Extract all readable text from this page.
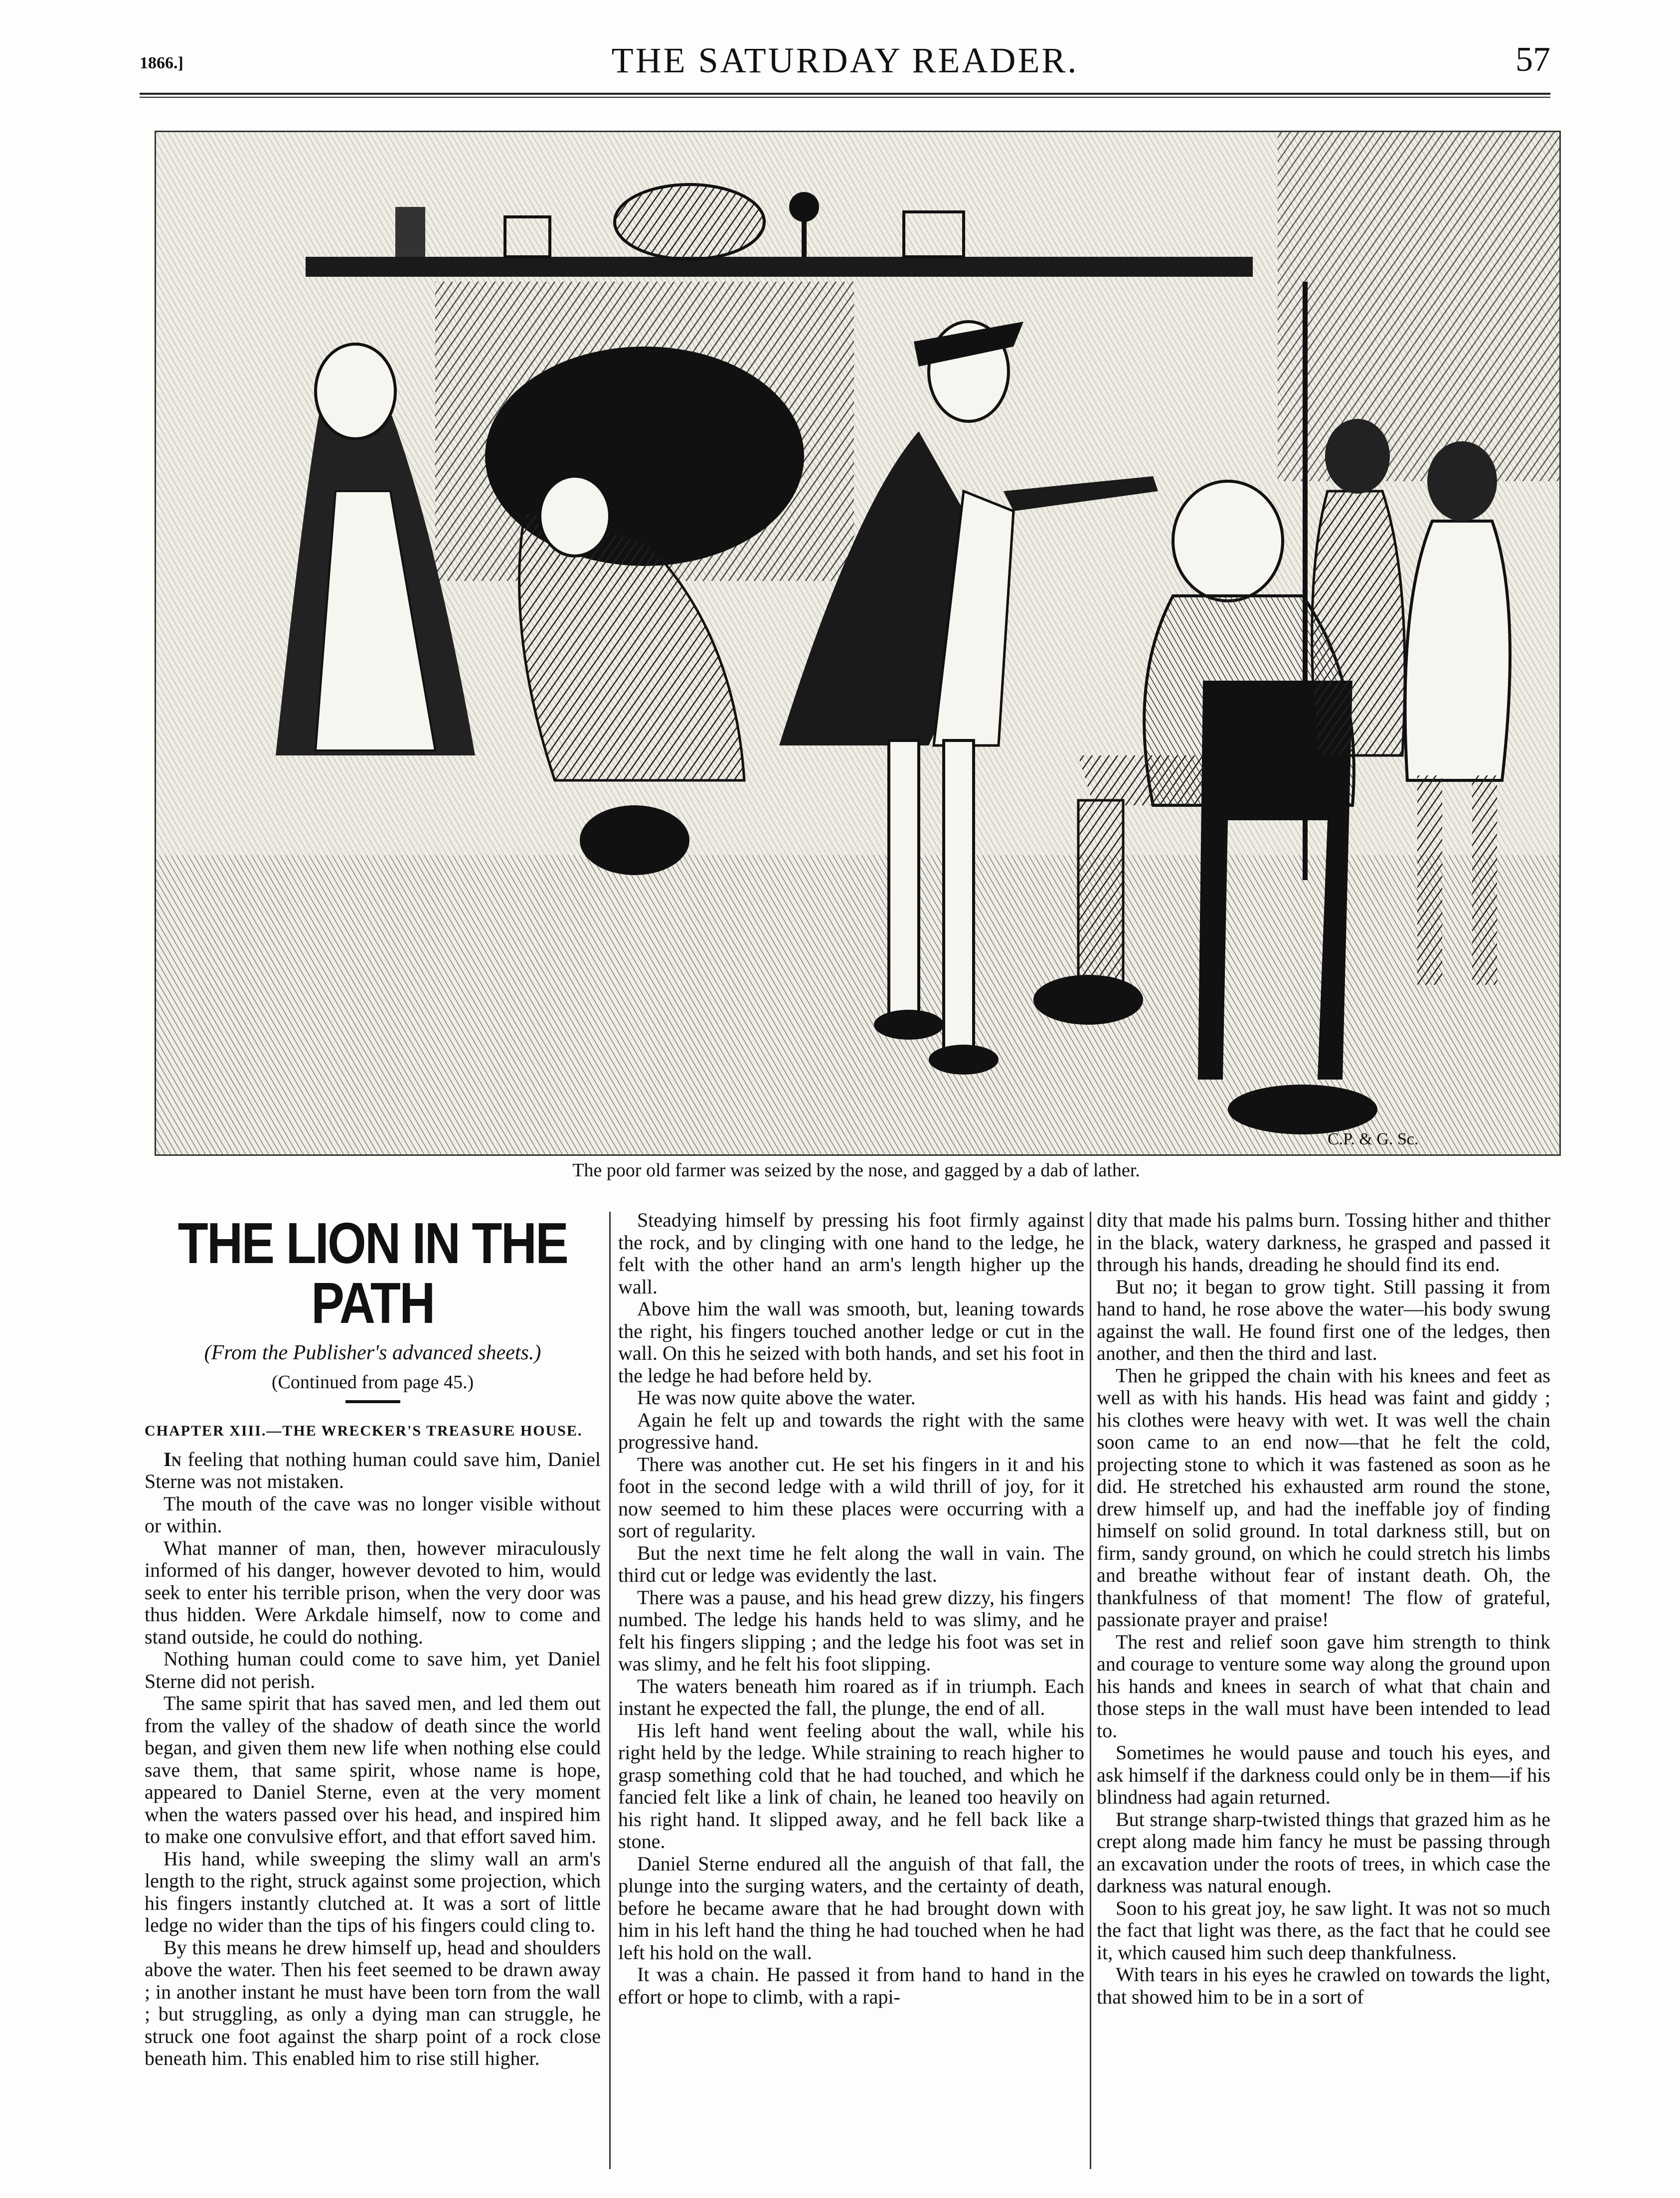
1866.]	THE SATURDAY READER.	57
C.P. & G. Sc.
The poor old farmer was seized by the nose, and gagged by a dab of lather.
THE LION IN THE PATH
(From the Publisher's advanced sheets.)
(Continued from page 45.)
CHAPTER XIII.—THE WRECKER'S TREASURE HOUSE.

In feeling that nothing human could save him, Daniel Sterne was not mistaken.

The mouth of the cave was no longer visible without or within.

What manner of man, then, however miraculously informed of his danger, however devoted to him, would seek to enter his terrible prison, when the very door was thus hidden. Were Arkdale himself, now to come and stand outside, he could do nothing.

Nothing human could come to save him, yet Daniel Sterne did not perish.

The same spirit that has saved men, and led them out from the valley of the shadow of death since the world began, and given them new life when nothing else could save them, that same spirit, whose name is hope, appeared to Daniel Sterne, even at the very moment when the waters passed over his head, and inspired him to make one convulsive effort, and that effort saved him.

His hand, while sweeping the slimy wall an arm's length to the right, struck against some projection, which his fingers instantly clutched at. It was a sort of little ledge no wider than the tips of his fingers could cling to.

By this means he drew himself up, head and shoulders above the water. Then his feet seemed to be drawn away ; in another instant he must have been torn from the wall ; but struggling, as only a dying man can struggle, he struck one foot against the sharp point of a rock close beneath him. This enabled him to rise still higher.

Steadying himself by pressing his foot firmly against the rock, and by clinging with one hand to the ledge, he felt with the other hand an arm's length higher up the wall.

Above him the wall was smooth, but, leaning towards the right, his fingers touched another ledge or cut in the wall. On this he seized with both hands, and set his foot in the ledge he had before held by.

He was now quite above the water.

Again he felt up and towards the right with the same progressive hand.

There was another cut. He set his fingers in it and his foot in the second ledge with a wild thrill of joy, for it now seemed to him these places were occurring with a sort of regularity.

But the next time he felt along the wall in vain. The third cut or ledge was evidently the last.

There was a pause, and his head grew dizzy, his fingers numbed. The ledge his hands held to was slimy, and he felt his fingers slipping ; and the ledge his foot was set in was slimy, and he felt his foot slipping.

The waters beneath him roared as if in triumph. Each instant he expected the fall, the plunge, the end of all.

His left hand went feeling about the wall, while his right held by the ledge. While straining to reach higher to grasp something cold that he had touched, and which he fancied felt like a link of chain, he leaned too heavily on his right hand. It slipped away, and he fell back like a stone.

Daniel Sterne endured all the anguish of that fall, the plunge into the surging waters, and the certainty of death, before he became aware that he had brought down with him in his left hand the thing he had touched when he had left his hold on the wall.

It was a chain. He passed it from hand to hand in the effort or hope to climb, with a rapi-

dity that made his palms burn. Tossing hither and thither in the black, watery darkness, he grasped and passed it through his hands, dreading he should find its end.

But no; it began to grow tight. Still passing it from hand to hand, he rose above the water—his body swung against the wall. He found first one of the ledges, then another, and then the third and last.

Then he gripped the chain with his knees and feet as well as with his hands. His head was faint and giddy ; his clothes were heavy with wet. It was well the chain soon came to an end now—that he felt the cold, projecting stone to which it was fastened as soon as he did. He stretched his exhausted arm round the stone, drew himself up, and had the ineffable joy of finding himself on solid ground. In total darkness still, but on firm, sandy ground, on which he could stretch his limbs and breathe without fear of instant death. Oh, the thankfulness of that moment! The flow of grateful, passionate prayer and praise!

The rest and relief soon gave him strength to think and courage to venture some way along the ground upon his hands and knees in search of what that chain and those steps in the wall must have been intended to lead to.

Sometimes he would pause and touch his eyes, and ask himself if the darkness could only be in them—if his blindness had again returned.

But strange sharp-twisted things that grazed him as he crept along made him fancy he must be passing through an excavation under the roots of trees, in which case the darkness was natural enough.

Soon to his great joy, he saw light. It was not so much the fact that light was there, as the fact that he could see it, which caused him such deep thankfulness.

With tears in his eyes he crawled on towards the light, that showed him to be in a sort of
